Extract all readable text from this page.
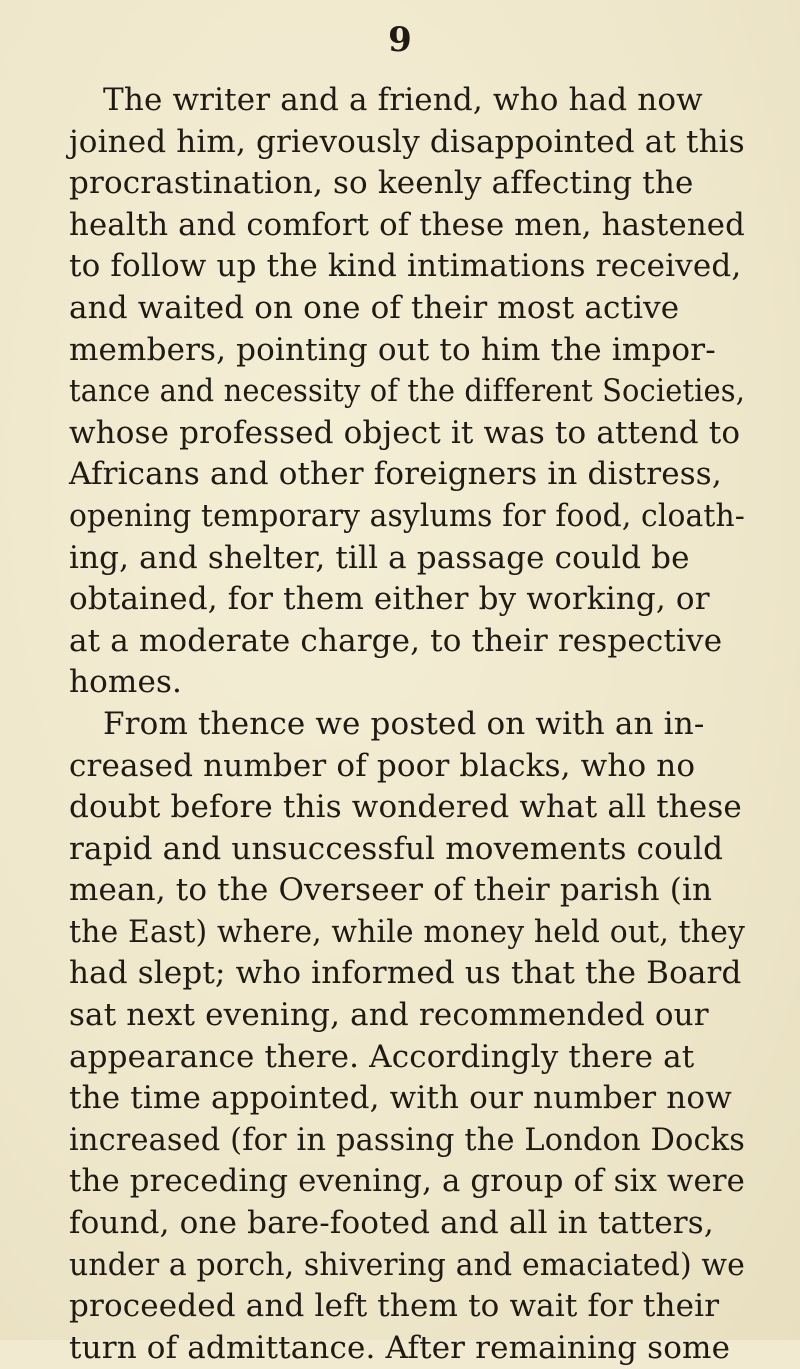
9
The writer and a friend, who had now
joined him, grievously disappointed at this
procrastination, so keenly affecting the
health and comfort of these men, hastened
to follow up the kind intimations received,
and waited on one of their most active
members, pointing out to him the impor-
tance and necessity of the different Societies,
whose professed object it was to attend to
Africans and other foreigners in distress,
opening temporary asylums for food, cloath-
ing, and shelter, till a passage could be
obtained, for them either by working, or
at a moderate charge, to their respective
homes.
From thence we posted on with an in-
creased number of poor blacks, who no
doubt before this wondered what all these
rapid and unsuccessful movements could
mean, to the Overseer of their parish (in
the East) where, while money held out, they
had slept; who informed us that the Board
sat next evening, and recommended our
appearance there. Accordingly there at
the time appointed, with our number now
increased (for in passing the London Docks
the preceding evening, a group of six were
found, one bare-footed and all in tatters,
under a porch, shivering and emaciated) we
proceeded and left them to wait for their
turn of admittance. After remaining some
